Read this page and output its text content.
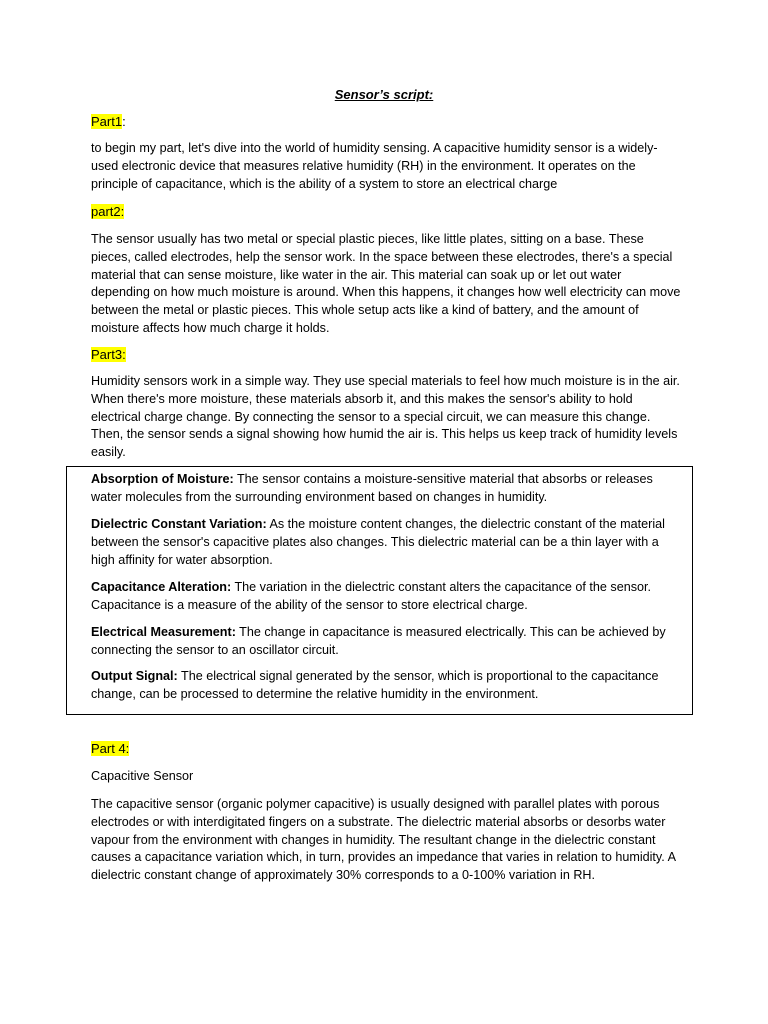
Sensor’s script:
Part1:
to begin my part, let's dive into the world of humidity sensing. A capacitive humidity sensor is a widely-used electronic device that measures relative humidity (RH) in the environment. It operates on the principle of capacitance, which is the ability of a system to store an electrical charge
part2:
The sensor usually has two metal or special plastic pieces, like little plates, sitting on a base. These pieces, called electrodes, help the sensor work. In the space between these electrodes, there's a special material that can sense moisture, like water in the air. This material can soak up or let out water depending on how much moisture is around. When this happens, it changes how well electricity can move between the metal or plastic pieces. This whole setup acts like a kind of battery, and the amount of moisture affects how much charge it holds.
Part3:
Humidity sensors work in a simple way. They use special materials to feel how much moisture is in the air. When there's more moisture, these materials absorb it, and this makes the sensor's ability to hold electrical charge change. By connecting the sensor to a special circuit, we can measure this change. Then, the sensor sends a signal showing how humid the air is. This helps us keep track of humidity levels easily.
Absorption of Moisture: The sensor contains a moisture-sensitive material that absorbs or releases water molecules from the surrounding environment based on changes in humidity.
Dielectric Constant Variation: As the moisture content changes, the dielectric constant of the material between the sensor's capacitive plates also changes. This dielectric material can be a thin layer with a high affinity for water absorption.
Capacitance Alteration: The variation in the dielectric constant alters the capacitance of the sensor. Capacitance is a measure of the ability of the sensor to store electrical charge.
Electrical Measurement: The change in capacitance is measured electrically. This can be achieved by connecting the sensor to an oscillator circuit.
Output Signal: The electrical signal generated by the sensor, which is proportional to the capacitance change, can be processed to determine the relative humidity in the environment.
Part 4:
Capacitive Sensor
The capacitive sensor (organic polymer capacitive) is usually designed with parallel plates with porous electrodes or with interdigitated fingers on a substrate. The dielectric material absorbs or desorbs water vapour from the environment with changes in humidity. The resultant change in the dielectric constant causes a capacitance variation which, in turn, provides an impedance that varies in relation to humidity. A dielectric constant change of approximately 30% corresponds to a 0-100% variation in RH.
